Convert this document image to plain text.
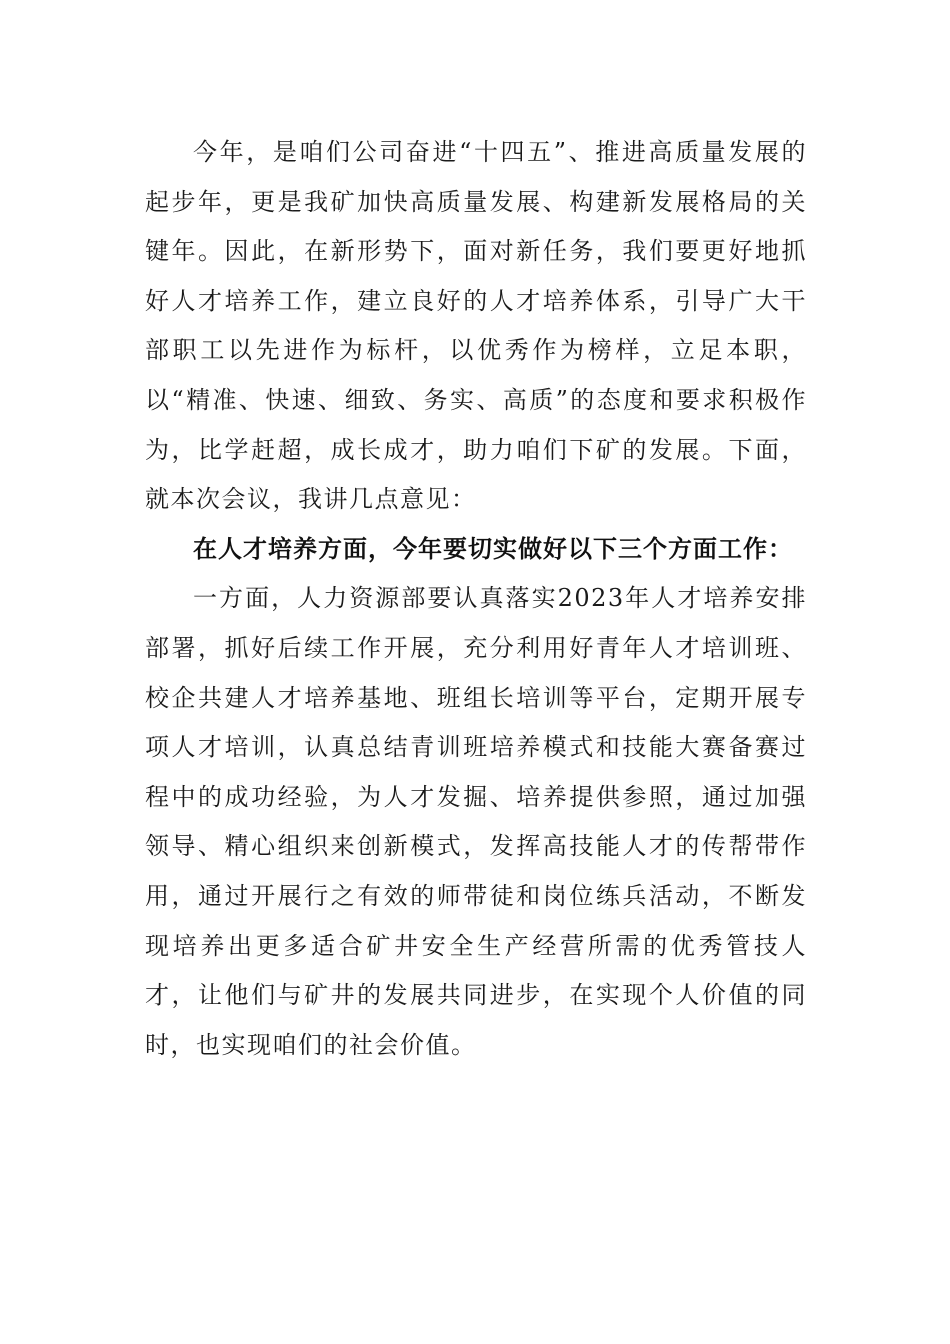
今年，是咱们公司奋进“十四五”、推进高质量发展的起步年，更是我矿加快高质量发展、构建新发展格局的关键年。因此，在新形势下，面对新任务，我们要更好地抓好人才培养工作，建立良好的人才培养体系，引导广大干部职工以先进作为标杆，以优秀作为榜样，立足本职，以“精准、快速、细致、务实、高质”的态度和要求积极作为，比学赶超，成长成才，助力咱们下矿的发展。下面，就本次会议，我讲几点意见：

在人才培养方面，今年要切实做好以下三个方面工作：

一方面，人力资源部要认真落实2023年人才培养安排部署，抓好后续工作开展，充分利用好青年人才培训班、校企共建人才培养基地、班组长培训等平台，定期开展专项人才培训，认真总结青训班培养模式和技能大赛备赛过程中的成功经验，为人才发掘、培养提供参照，通过加强领导、精心组织来创新模式，发挥高技能人才的传帮带作用，通过开展行之有效的师带徒和岗位练兵活动，不断发现培养出更多适合矿井安全生产经营所需的优秀管技人才，让他们与矿井的发展共同进步，在实现个人价值的同时，也实现咱们的社会价值。
